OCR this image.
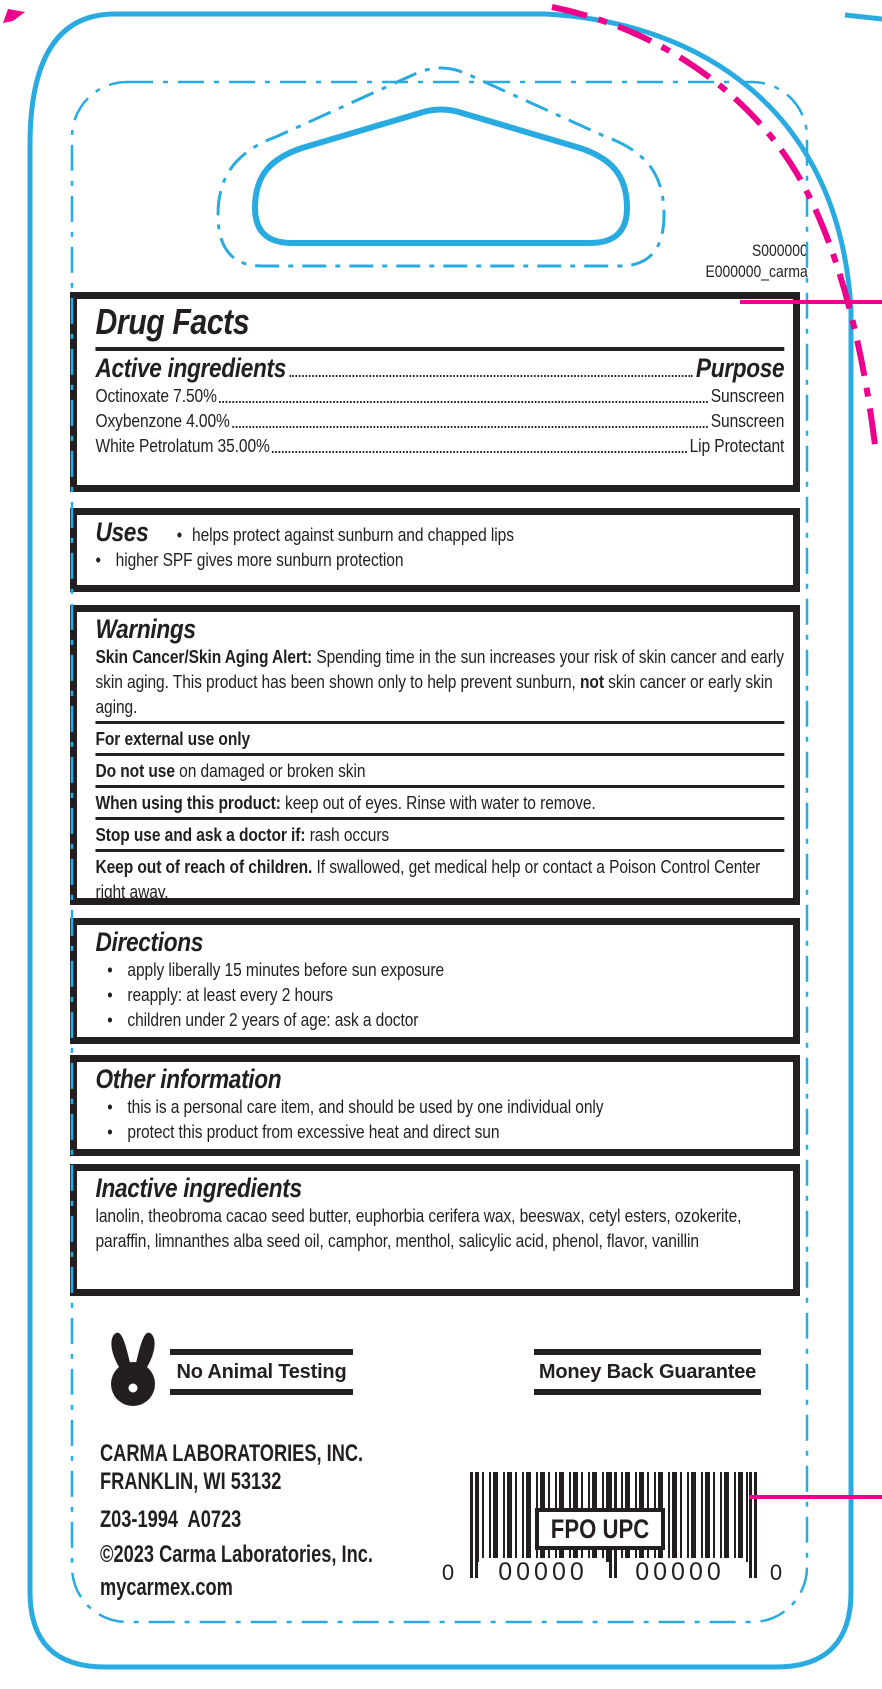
S000000
E000000_carma
Drug Facts
Active ingredients	Purpose
Octinoxate 7.50%	Sunscreen
Oxybenzone 4.00%	Sunscreen
White Petrolatum 35.00%	Lip Protectant
Uses • helps protect against sunburn and chapped lips
•
higher SPF gives more sunburn protection
Warnings
Skin Cancer/Skin Aging Alert: Spending time in the sun increases your risk of skin cancer and early skin aging. This product has been shown only to help prevent sunburn, not skin cancer or early skin aging.
For external use only
Do not use on damaged or broken skin
When using this product: keep out of eyes. Rinse with water to remove.
Stop use and ask a doctor if: rash occurs
Keep out of reach of children. If swallowed, get medical help or contact a Poison Control Center right away.
Directions
•
apply liberally 15 minutes before sun exposure
•
reapply: at least every 2 hours
•
children under 2 years of age: ask a doctor
Other information
•
this is a personal care item, and should be used by one individual only
•
protect this product from excessive heat and direct sun
Inactive ingredients
lanolin, theobroma cacao seed butter, euphorbia cerifera wax, beeswax, cetyl esters, ozokerite, paraffin, limnanthes alba seed oil, camphor, menthol, salicylic acid, phenol, flavor, vanillin
No Animal Testing	Money Back Guarantee
CARMA LABORATORIES, INC.
FRANKLIN, WI 53132
Z03-1994  A0723
©2023 Carma Laboratories, Inc.
mycarmex.com
FPO UPC
0	00000	00000	0
